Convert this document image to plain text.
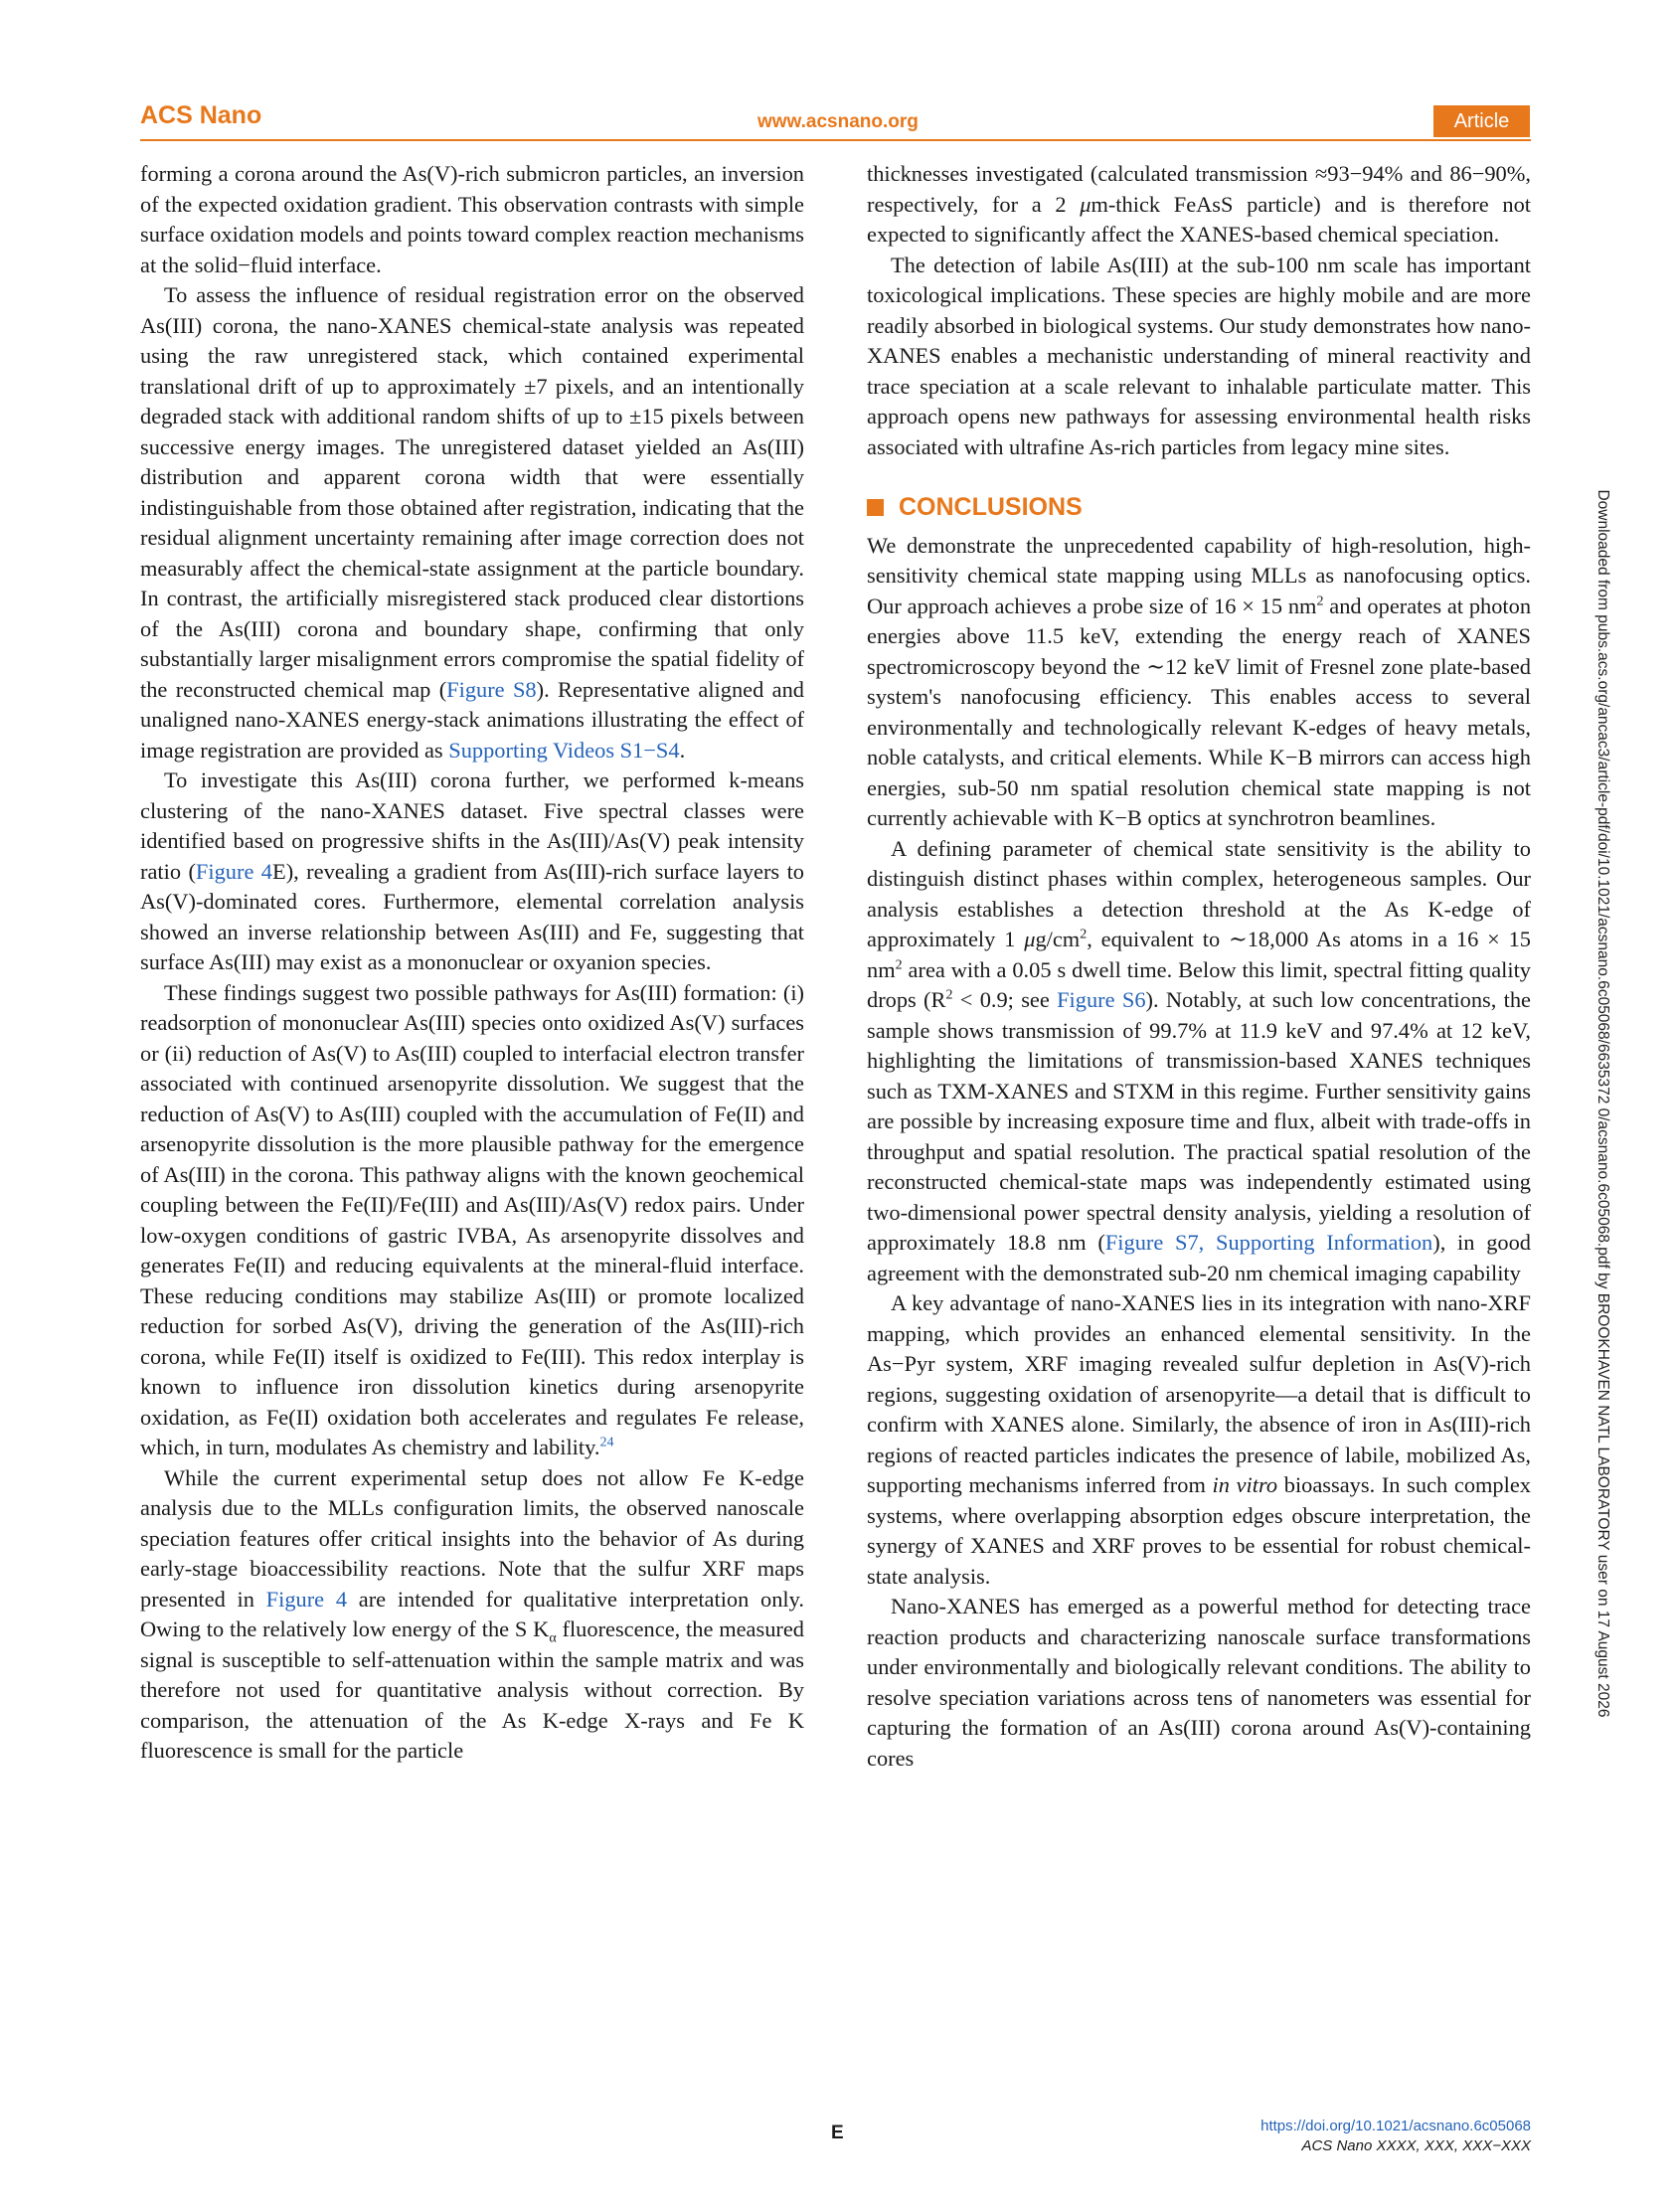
ACS Nano	www.acsnano.org	Article

forming a corona around the As(V)-rich submicron particles, an inversion of the expected oxidation gradient. This observation contrasts with simple surface oxidation models and points toward complex reaction mechanisms at the solid−fluid interface.

To assess the influence of residual registration error on the observed As(III) corona, the nano-XANES chemical-state analysis was repeated using the raw unregistered stack, which contained experimental translational drift of up to approximately ±7 pixels, and an intentionally degraded stack with additional random shifts of up to ±15 pixels between successive energy images. The unregistered dataset yielded an As(III) distribution and apparent corona width that were essentially indistinguishable from those obtained after registration, indicating that the residual alignment uncertainty remaining after image correction does not measurably affect the chemical-state assignment at the particle boundary. In contrast, the artificially misregistered stack produced clear distortions of the As(III) corona and boundary shape, confirming that only substantially larger misalignment errors compromise the spatial fidelity of the reconstructed chemical map (Figure S8). Representative aligned and unaligned nano-XANES energy-stack animations illustrating the effect of image registration are provided as Supporting Videos S1−S4.

To investigate this As(III) corona further, we performed k-means clustering of the nano-XANES dataset. Five spectral classes were identified based on progressive shifts in the As(III)/As(V) peak intensity ratio (Figure 4E), revealing a gradient from As(III)-rich surface layers to As(V)-dominated cores. Furthermore, elemental correlation analysis showed an inverse relationship between As(III) and Fe, suggesting that surface As(III) may exist as a mononuclear or oxyanion species.

These findings suggest two possible pathways for As(III) formation: (i) readsorption of mononuclear As(III) species onto oxidized As(V) surfaces or (ii) reduction of As(V) to As(III) coupled to interfacial electron transfer associated with continued arsenopyrite dissolution. We suggest that the reduction of As(V) to As(III) coupled with the accumulation of Fe(II) and arsenopyrite dissolution is the more plausible pathway for the emergence of As(III) in the corona. This pathway aligns with the known geochemical coupling between the Fe(II)/Fe(III) and As(III)/As(V) redox pairs. Under low-oxygen conditions of gastric IVBA, As arsenopyrite dissolves and generates Fe(II) and reducing equivalents at the mineral-fluid interface. These reducing conditions may stabilize As(III) or promote localized reduction for sorbed As(V), driving the generation of the As(III)-rich corona, while Fe(II) itself is oxidized to Fe(III). This redox interplay is known to influence iron dissolution kinetics during arsenopyrite oxidation, as Fe(II) oxidation both accelerates and regulates Fe release, which, in turn, modulates As chemistry and lability.$^{24}$

While the current experimental setup does not allow Fe K-edge analysis due to the MLLs configuration limits, the observed nanoscale speciation features offer critical insights into the behavior of As during early-stage bioaccessibility reactions. Note that the sulfur XRF maps presented in Figure 4 are intended for qualitative interpretation only. Owing to the relatively low energy of the S $K_\alpha$ fluorescence, the measured signal is susceptible to self-attenuation within the sample matrix and was therefore not used for quantitative analysis without correction. By comparison, the attenuation of the As K-edge X-rays and Fe K fluorescence is small for the particle

thicknesses investigated (calculated transmission ≈93−94% and 86−90%, respectively, for a 2 μm-thick FeAsS particle) and is therefore not expected to significantly affect the XANES-based chemical speciation.

The detection of labile As(III) at the sub-100 nm scale has important toxicological implications. These species are highly mobile and are more readily absorbed in biological systems. Our study demonstrates how nano-XANES enables a mechanistic understanding of mineral reactivity and trace speciation at a scale relevant to inhalable particulate matter. This approach opens new pathways for assessing environmental health risks associated with ultrafine As-rich particles from legacy mine sites.

CONCLUSIONS

We demonstrate the unprecedented capability of high-resolution, high-sensitivity chemical state mapping using MLLs as nanofocusing optics. Our approach achieves a probe size of 16 × 15 $nm^2$ and operates at photon energies above 11.5 keV, extending the energy reach of XANES spectromicroscopy beyond the ∼12 keV limit of Fresnel zone plate-based system's nanofocusing efficiency. This enables access to several environmentally and technologically relevant K-edges of heavy metals, noble catalysts, and critical elements. While K−B mirrors can access high energies, sub-50 nm spatial resolution chemical state mapping is not currently achievable with K−B optics at synchrotron beamlines.

A defining parameter of chemical state sensitivity is the ability to distinguish distinct phases within complex, heterogeneous samples. Our analysis establishes a detection threshold at the As K-edge of approximately 1 $\mu g/cm^2$, equivalent to ∼18,000 As atoms in a 16 × 15 $nm^2$ area with a 0.05 s dwell time. Below this limit, spectral fitting quality drops ($R^2 < 0.9$; see Figure S6). Notably, at such low concentrations, the sample shows transmission of 99.7% at 11.9 keV and 97.4% at 12 keV, highlighting the limitations of transmission-based XANES techniques such as TXM-XANES and STXM in this regime. Further sensitivity gains are possible by increasing exposure time and flux, albeit with trade-offs in throughput and spatial resolution. The practical spatial resolution of the reconstructed chemical-state maps was independently estimated using two-dimensional power spectral density analysis, yielding a resolution of approximately 18.8 nm (Figure S7, Supporting Information), in good agreement with the demonstrated sub-20 nm chemical imaging capability

A key advantage of nano-XANES lies in its integration with nano-XRF mapping, which provides an enhanced elemental sensitivity. In the As−Pyr system, XRF imaging revealed sulfur depletion in As(V)-rich regions, suggesting oxidation of arsenopyrite—a detail that is difficult to confirm with XANES alone. Similarly, the absence of iron in As(III)-rich regions of reacted particles indicates the presence of labile, mobilized As, supporting mechanisms inferred from in vitro bioassays. In such complex systems, where overlapping absorption edges obscure interpretation, the synergy of XANES and XRF proves to be essential for robust chemical-state analysis.

Nano-XANES has emerged as a powerful method for detecting trace reaction products and characterizing nanoscale surface transformations under environmentally and biologically relevant conditions. The ability to resolve speciation variations across tens of nanometers was essential for capturing the formation of an As(III) corona around As(V)-containing cores

Downloaded from pubs.acs.org/ancac3/article-pdf/doi/10.1021/acsnano.6c05068/6635372 0/acsnano.6c05068.pdf by BROOKHAVEN NATL LABORATORY user on 17 August 2026
E	https://doi.org/10.1021/acsnano.6c05068
ACS Nano XXXX, XXX, XXX−XXX
